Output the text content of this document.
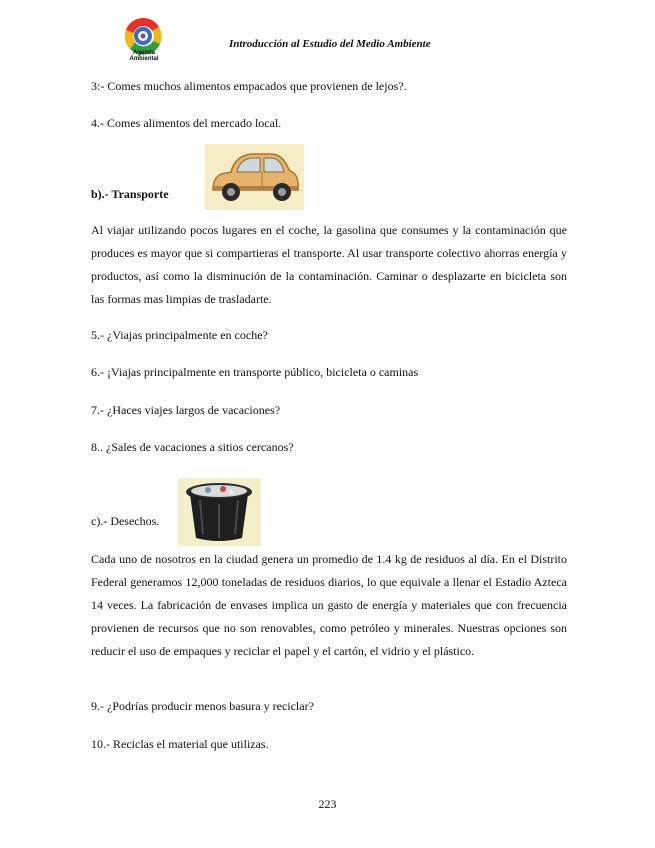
Agenda
Ambiental
Introducción al Estudio del Medio Ambiente
3:- Comes muchos alimentos empacados que provienen de lejos?.
4.- Comes alimentos del mercado local.
b).- Transporte
Al viajar utilizando pocos lugares en el coche, la gasolina que consumes y la contaminación que produces es mayor que si compartieras el transporte. Al usar transporte colectivo ahorras energía y productos, así como la disminución de la contaminación. Caminar o desplazarte en bicicleta son las formas mas limpias de trasladarte.
5.- ¿Viajas principalmente en coche?
6.- ¡Viajas principalmente en transporte público, bicicleta o caminas
7.- ¿Haces viajes largos de vacaciones?
8.. ¿Sales de vacaciones a sitios cercanos?
c).- Desechos.
Cada uno de nosotros en la ciudad genera un promedio de 1.4 kg de residuos al día. En el Distrito Federal generamos 12,000 toneladas de residuos diarios, lo que equivale a llenar el Estadio Azteca 14 veces. La fabricación de envases implica un gasto de energía y materiales que con frecuencia provienen de recursos que no son renovables, como petróleo y minerales. Nuestras opciones son reducir el uso de empaques y reciclar el papel y el cartón, el vidrio y el plástico.
9.- ¿Podrías producir menos basura y reciclar?
10.- Reciclas el material que utilizas.
223
